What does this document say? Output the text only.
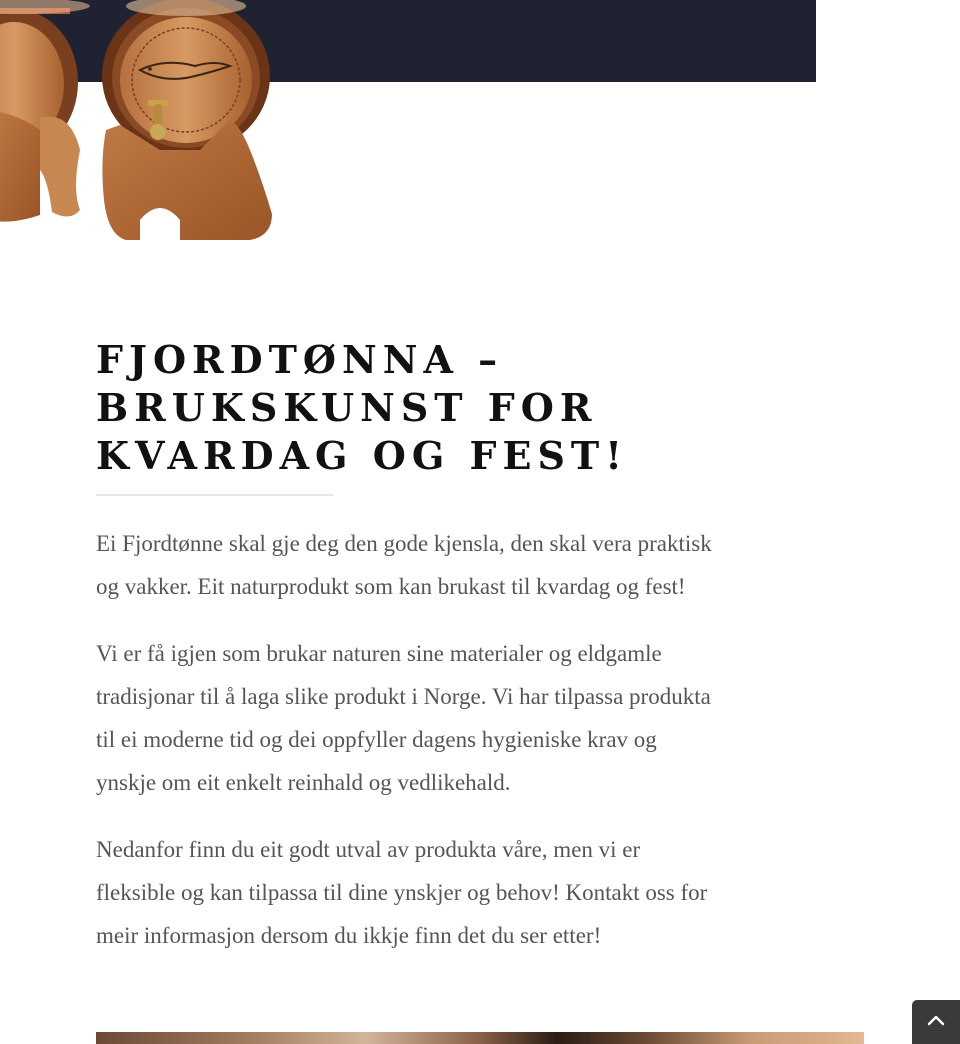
FJORDTØNNA –
BRUKSKUNST FOR
KVARDAG OG FEST!

Ei Fjordtønne skal gje deg den gode kjensla, den skal vera praktisk og vakker. Eit naturprodukt som kan brukast til kvardag og fest!

Vi er få igjen som brukar naturen sine materialer og eldgamle tradisjonar til å laga slike produkt i Norge. Vi har tilpassa produkta til ei moderne tid og dei oppfyller dagens hygieniske krav og ynskje om eit enkelt reinhald og vedlikehald.

Nedanfor finn du eit godt utval av produkta våre, men vi er fleksible og kan tilpassa til dine ynskjer og behov! Kontakt oss for meir informasjon dersom du ikkje finn det du ser etter!
